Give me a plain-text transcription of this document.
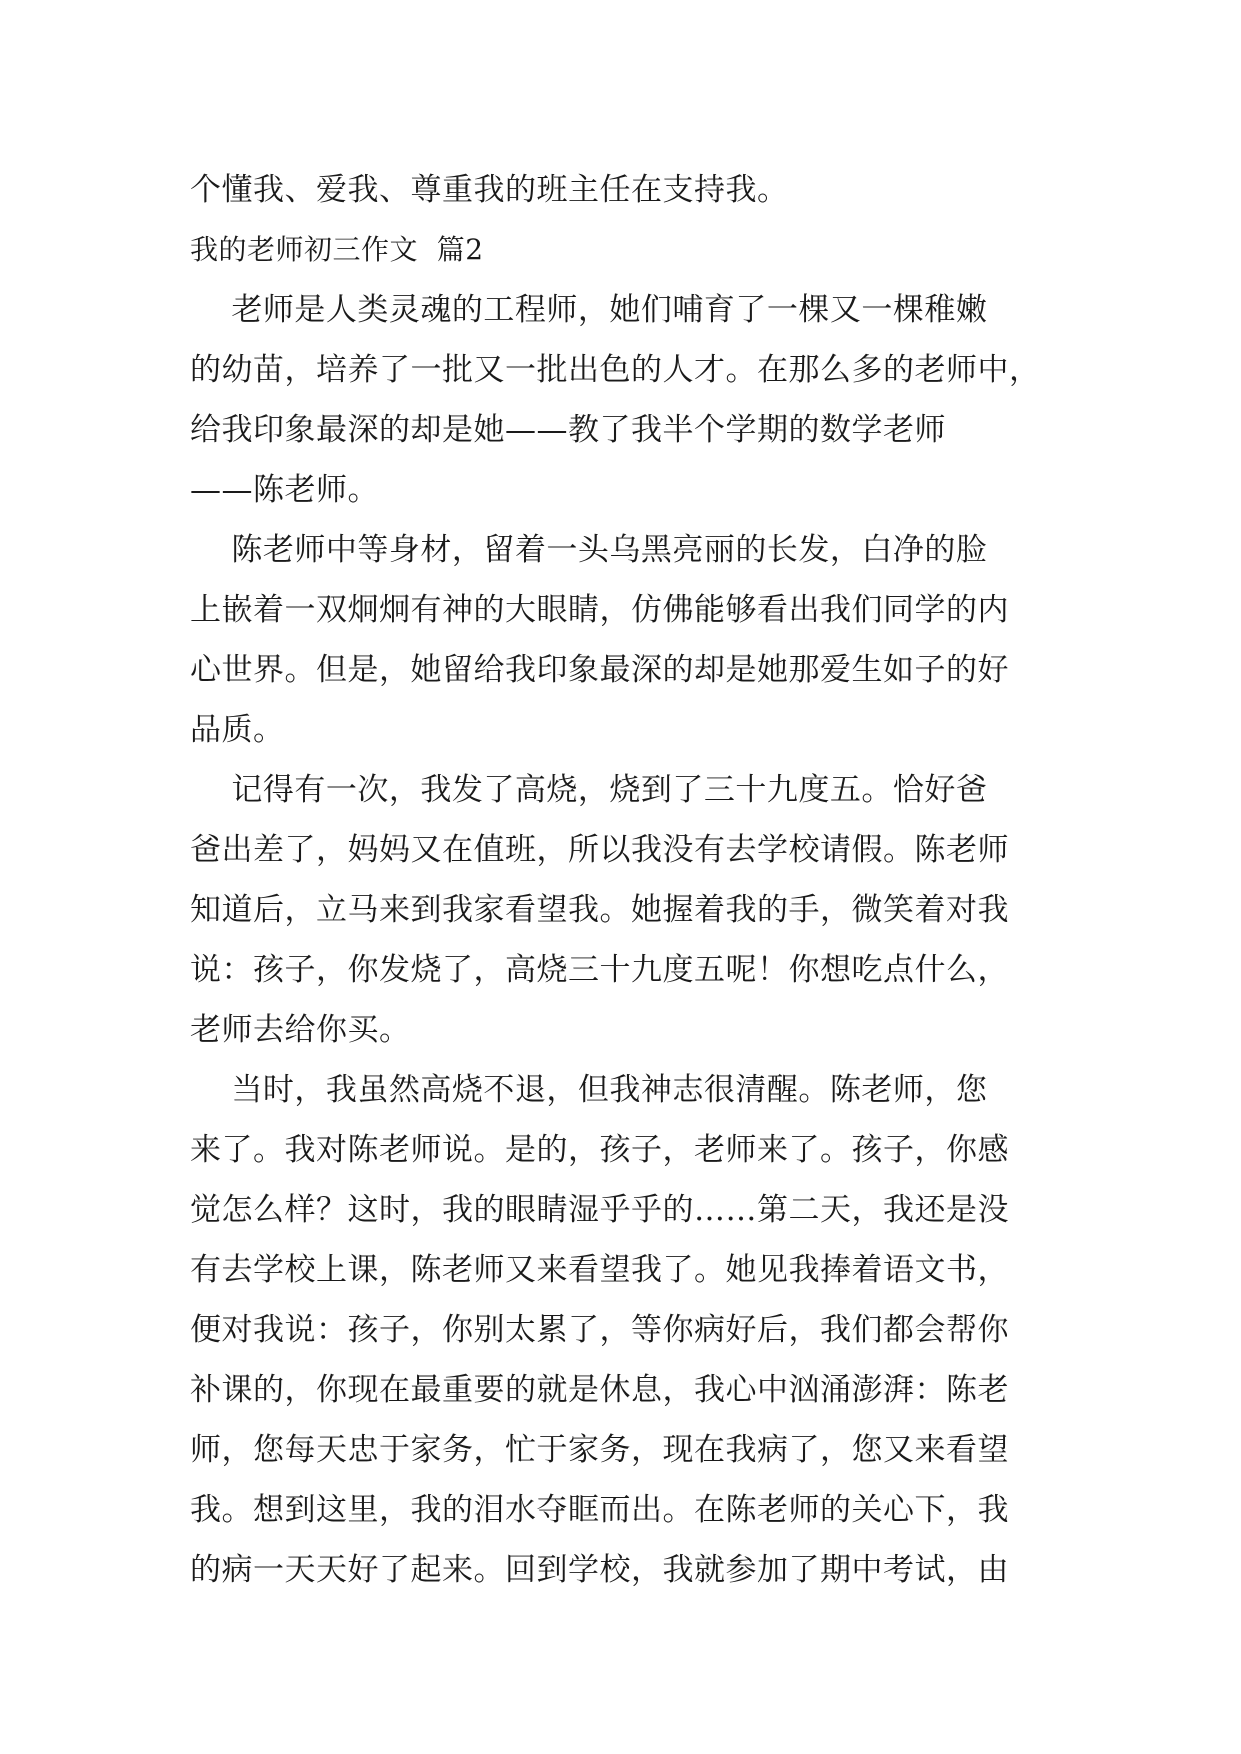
个懂我、爱我、尊重我的班主任在支持我。

我的老师初三作文  篇2

老师是人类灵魂的工程师，她们哺育了一棵又一棵稚嫩

的幼苗，培养了一批又一批出色的人才。在那么多的老师中，

给我印象最深的却是她——教了我半个学期的数学老师

——陈老师。

陈老师中等身材，留着一头乌黑亮丽的长发，白净的脸

上嵌着一双炯炯有神的大眼睛，仿佛能够看出我们同学的内

心世界。但是，她留给我印象最深的却是她那爱生如子的好

品质。

记得有一次，我发了高烧，烧到了三十九度五。恰好爸

爸出差了，妈妈又在值班，所以我没有去学校请假。陈老师

知道后，立马来到我家看望我。她握着我的手，微笑着对我

说：孩子，你发烧了，高烧三十九度五呢！你想吃点什么，

老师去给你买。

当时，我虽然高烧不退，但我神志很清醒。陈老师，您

来了。我对陈老师说。是的，孩子，老师来了。孩子，你感

觉怎么样？这时，我的眼睛湿乎乎的……第二天，我还是没

有去学校上课，陈老师又来看望我了。她见我捧着语文书，

便对我说：孩子，你别太累了，等你病好后，我们都会帮你

补课的，你现在最重要的就是休息，我心中汹涌澎湃：陈老

师，您每天忠于家务，忙于家务，现在我病了，您又来看望

我。想到这里，我的泪水夺眶而出。在陈老师的关心下，我

的病一天天好了起来。回到学校，我就参加了期中考试，由
